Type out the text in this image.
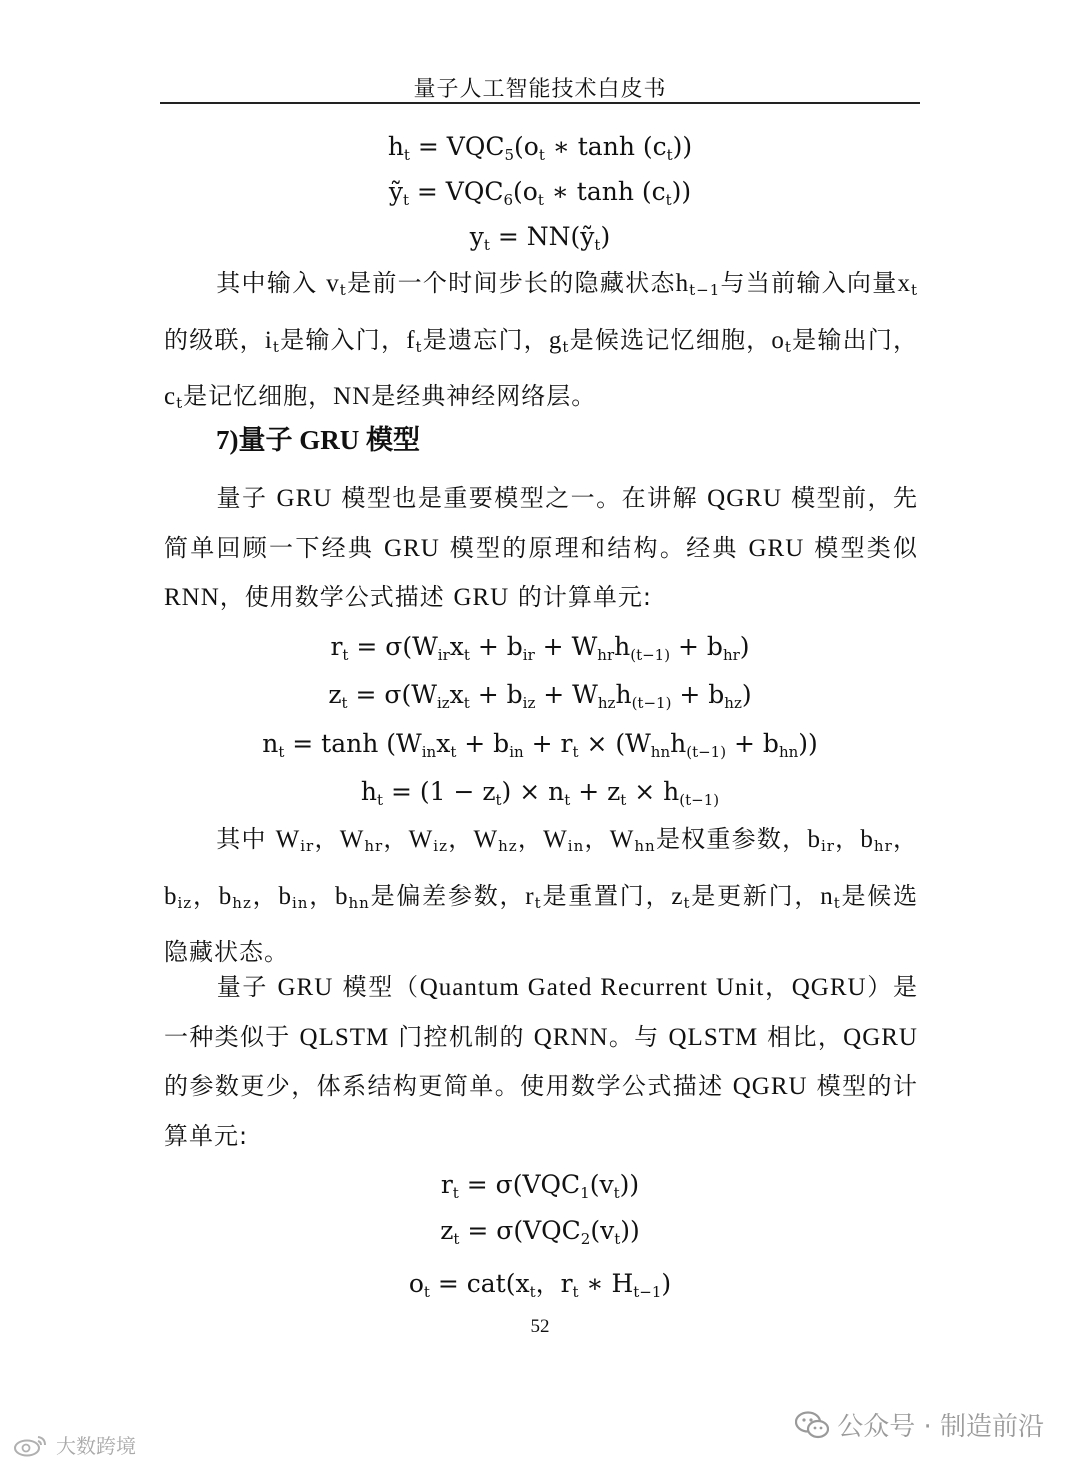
量子人工智能技术白皮书
$h_t = VQC_5(o_t$ ∗ $\tanh (c_t)$)
ỹ$_t$ = $VQC_6(o_t$ ∗ $\tanh (c_t)$)
$y_t$ = NN(ỹ$_t$)

其中输入 $v_t$是前一个时间步长的隐藏状态$h_{t-1}$与当前输入向量$x_t$的级联，$i_t$是输入门，$f_t$是遗忘门，$g_t$是候选记忆细胞，$o_t$是输出门，$c_t$是记忆细胞，NN是经典神经网络层。

7)量子 GRU 模型

量子 GRU 模型也是重要模型之一。在讲解 QGRU 模型前，先简单回顾一下经典 GRU 模型的原理和结构。经典 GRU 模型类似 RNN，使用数学公式描述 GRU 的计算单元:

$r_t = \sigma(W_{ir}x_t + b_{ir} + W_{hr}h_{(t-1)} + b_{hr})$
$z_t = \sigma(W_{iz}x_t + b_{iz} + W_{hz}h_{(t-1)} + b_{hz})$
$n_t = \tanh (W_{in}x_t + b_{in} + r_t \times (W_{hn}h_{(t-1)} + b_{hn}))$
$h_t = (1 - z_t) \times n_t + z_t \times h_{(t-1)}$

其中 $W_{ir}$，$W_{hr}$，$W_{iz}$，$W_{hz}$，$W_{in}$，$W_{hn}$是权重参数，$b_{ir}$，$b_{hr}$，$b_{iz}$，$b_{hz}$，$b_{in}$，$b_{hn}$是偏差参数，$r_t$是重置门，$z_t$是更新门，$n_t$是候选隐藏状态。

量子 GRU 模型（Quantum Gated Recurrent Unit，QGRU）是一种类似于 QLSTM 门控机制的 QRNN。与 QLSTM 相比，QGRU 的参数更少，体系结构更简单。使用数学公式描述 QGRU 模型的计算单元:

$r_t = \sigma(VQC_1(v_t))$
$z_t = \sigma(VQC_2(v_t))$
$o_t = cat(x_t$，$r_t$ ∗ $H_{t-1}$)
52
公众号 · 制造前沿
大数跨境
